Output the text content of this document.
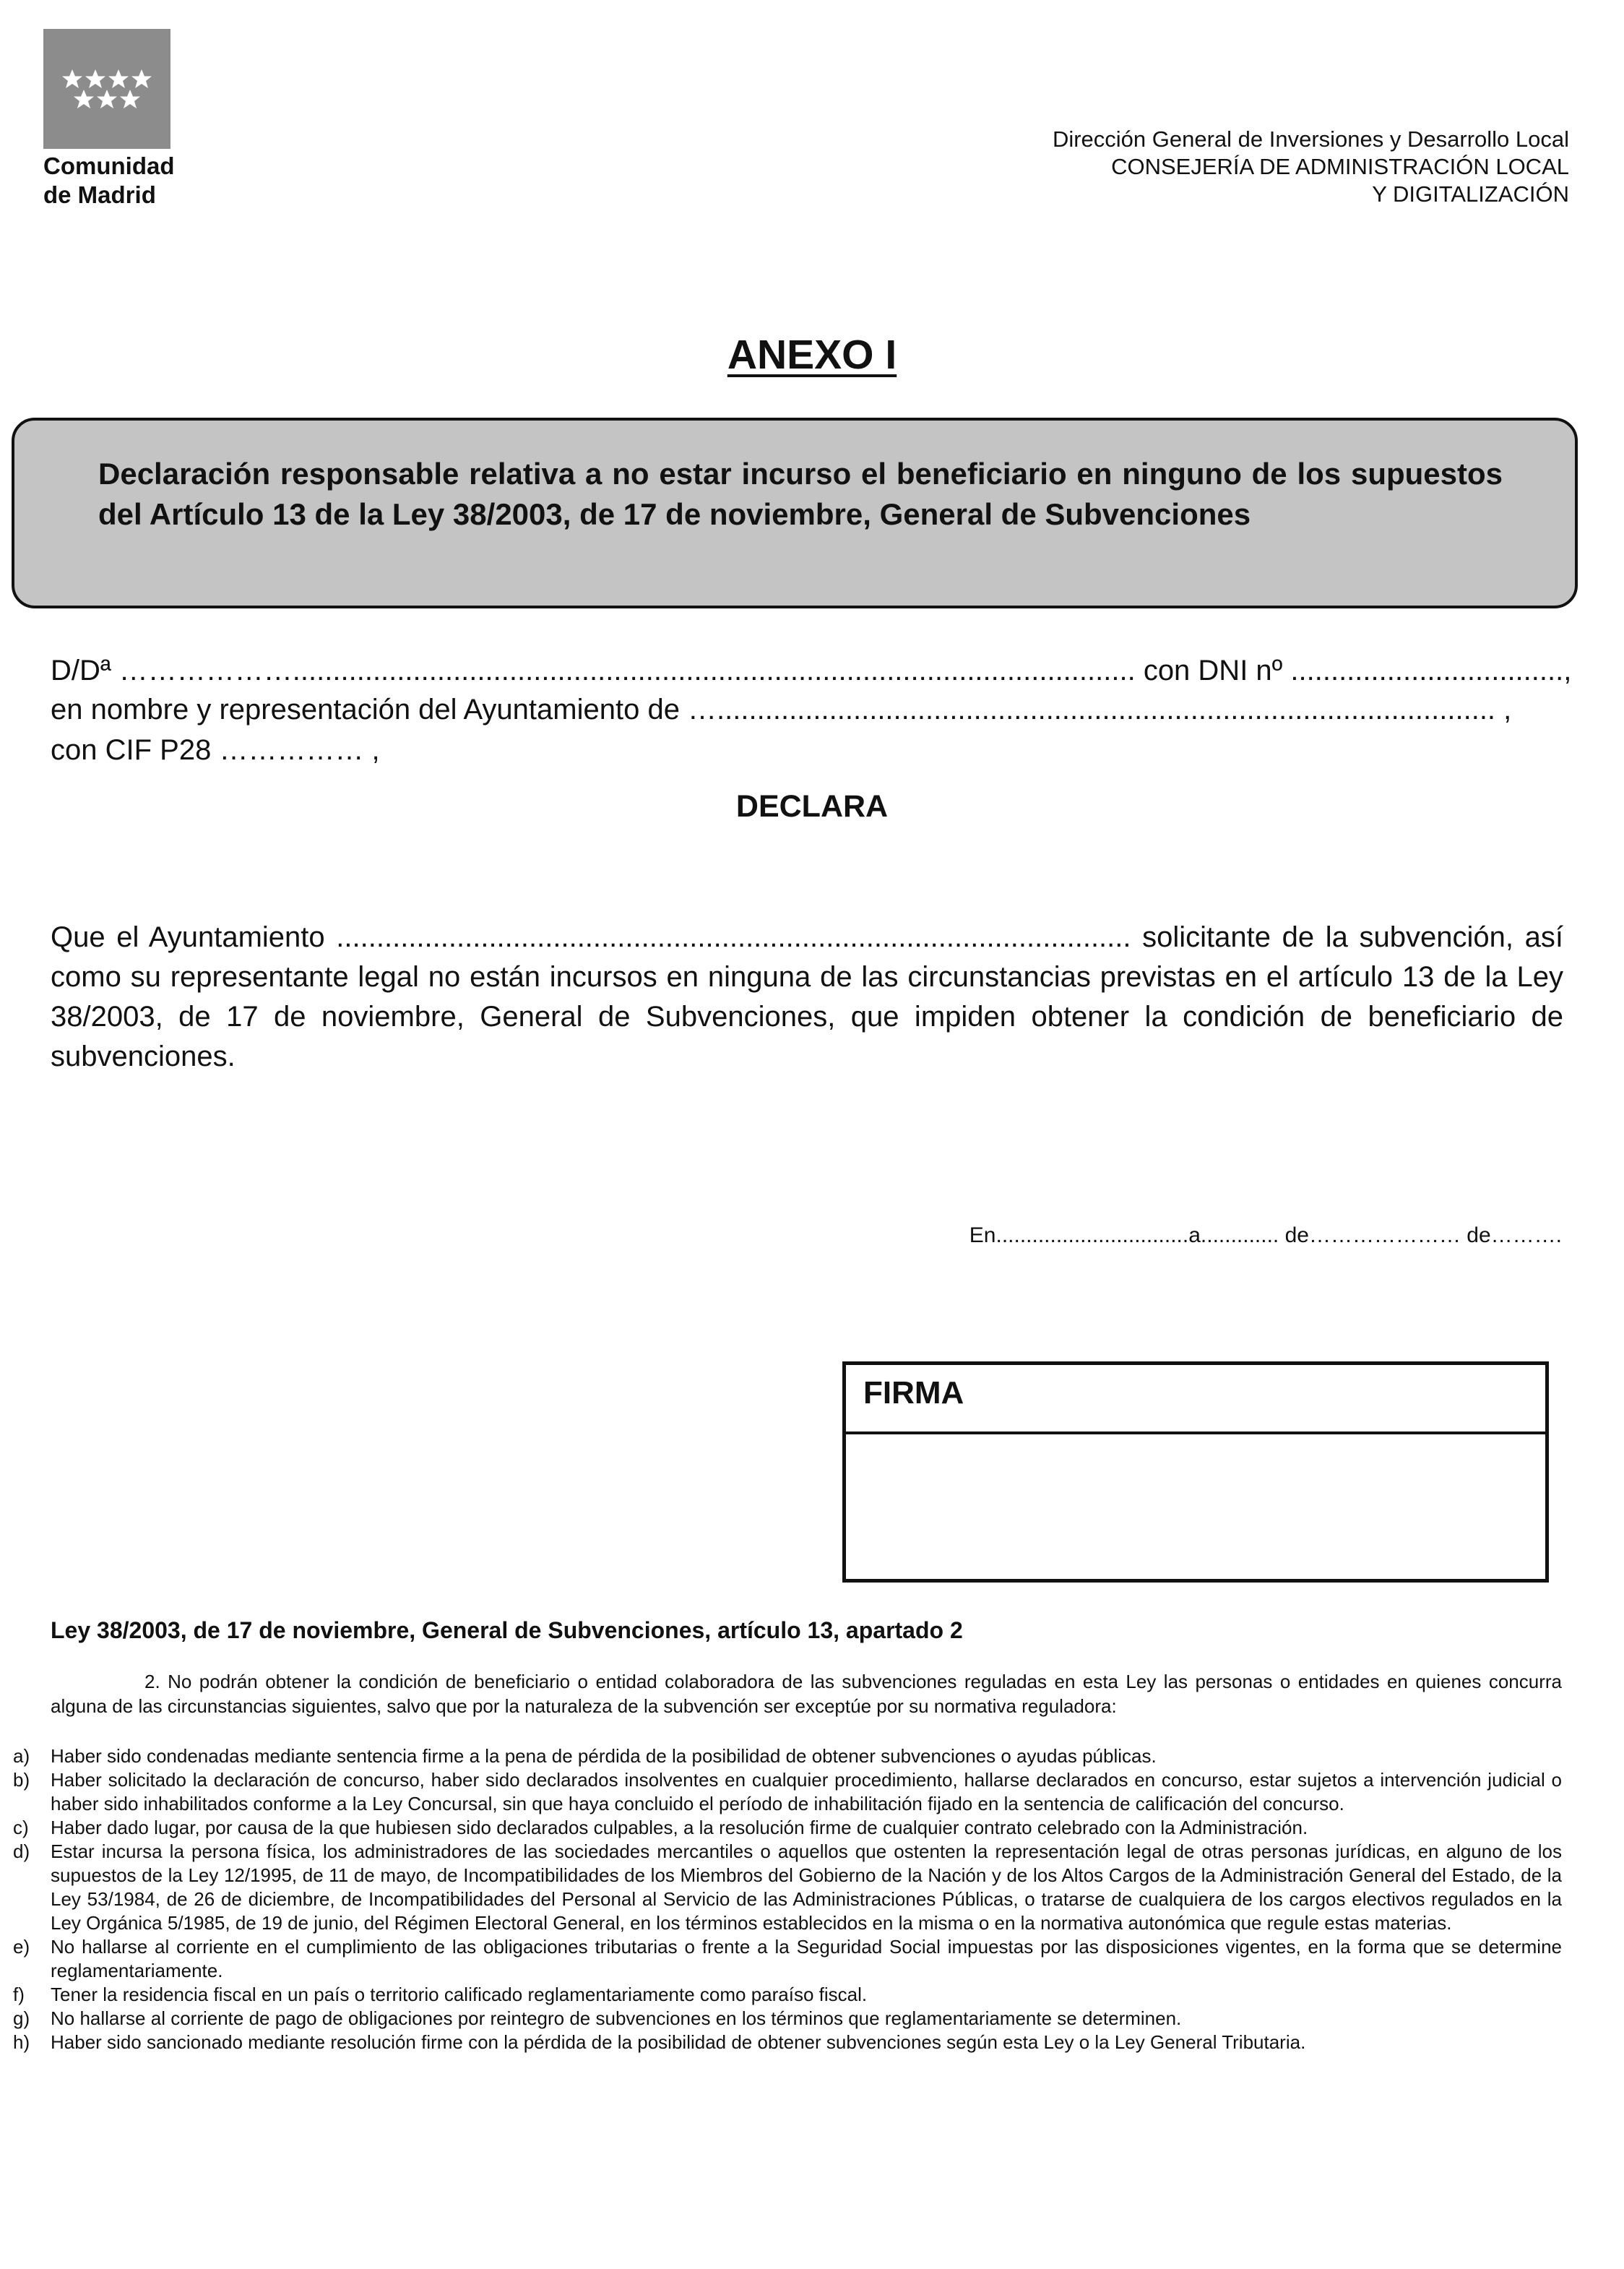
Comunidad
de Madrid
Dirección General de Inversiones y Desarrollo Local
CONSEJERÍA DE ADMINISTRACIÓN LOCAL
Y DIGITALIZACIÓN
ANEXO I
Declaración responsable relativa a no estar incurso el beneficiario en ninguno de los supuestos del Artículo 13 de la Ley 38/2003, de 17 de noviembre, General de Subvenciones
D/Dª ………………......................................................................................................... con DNI nº ..................................,
en nombre y representación del Ayuntamiento de …................................................................................................. ,
con CIF P28 …………… ,
DECLARA
Que el Ayuntamiento ................................................................................................... solicitante de la subvención, así como su representante legal no están incursos en ninguna de las circunstancias previstas en el artículo 13 de la Ley 38/2003, de 17 de noviembre, General de Subvenciones, que impiden obtener la condición de beneficiario de subvenciones.
En................................a............. de………………… de……….
FIRMA
Ley 38/2003, de 17 de noviembre, General de Subvenciones, artículo 13, apartado 2
2. No podrán obtener la condición de beneficiario o entidad colaboradora de las subvenciones reguladas en esta Ley las personas o entidades en quienes concurra alguna de las circunstancias siguientes, salvo que por la naturaleza de la subvención ser exceptúe por su normativa reguladora:
a)	Haber sido condenadas mediante sentencia firme a la pena de pérdida de la posibilidad de obtener subvenciones o ayudas públicas.
b)	Haber solicitado la declaración de concurso, haber sido declarados insolventes en cualquier procedimiento, hallarse declarados en concurso, estar sujetos a intervención judicial o haber sido inhabilitados conforme a la Ley Concursal, sin que haya concluido el período de inhabilitación fijado en la sentencia de calificación del concurso.
c)	Haber dado lugar, por causa de la que hubiesen sido declarados culpables, a la resolución firme de cualquier contrato celebrado con la Administración.
d)	Estar incursa la persona física, los administradores de las sociedades mercantiles o aquellos que ostenten la representación legal de otras personas jurídicas, en alguno de los supuestos de la Ley 12/1995, de 11 de mayo, de Incompatibilidades de los Miembros del Gobierno de la Nación y de los Altos Cargos de la Administración General del Estado, de la Ley 53/1984, de 26 de diciembre, de Incompatibilidades del Personal al Servicio de las Administraciones Públicas, o tratarse de cualquiera de los cargos electivos regulados en la Ley Orgánica 5/1985, de 19 de junio, del Régimen Electoral General, en los términos establecidos en la misma o en la normativa autonómica que regule estas materias.
e)	No hallarse al corriente en el cumplimiento de las obligaciones tributarias o frente a la Seguridad Social impuestas por las disposiciones vigentes, en la forma que se determine reglamentariamente.
f)	Tener la residencia fiscal en un país o territorio calificado reglamentariamente como paraíso fiscal.
g)	No hallarse al corriente de pago de obligaciones por reintegro de subvenciones en los términos que reglamentariamente se determinen.
h)	Haber sido sancionado mediante resolución firme con la pérdida de la posibilidad de obtener subvenciones según esta Ley o la Ley General Tributaria.
